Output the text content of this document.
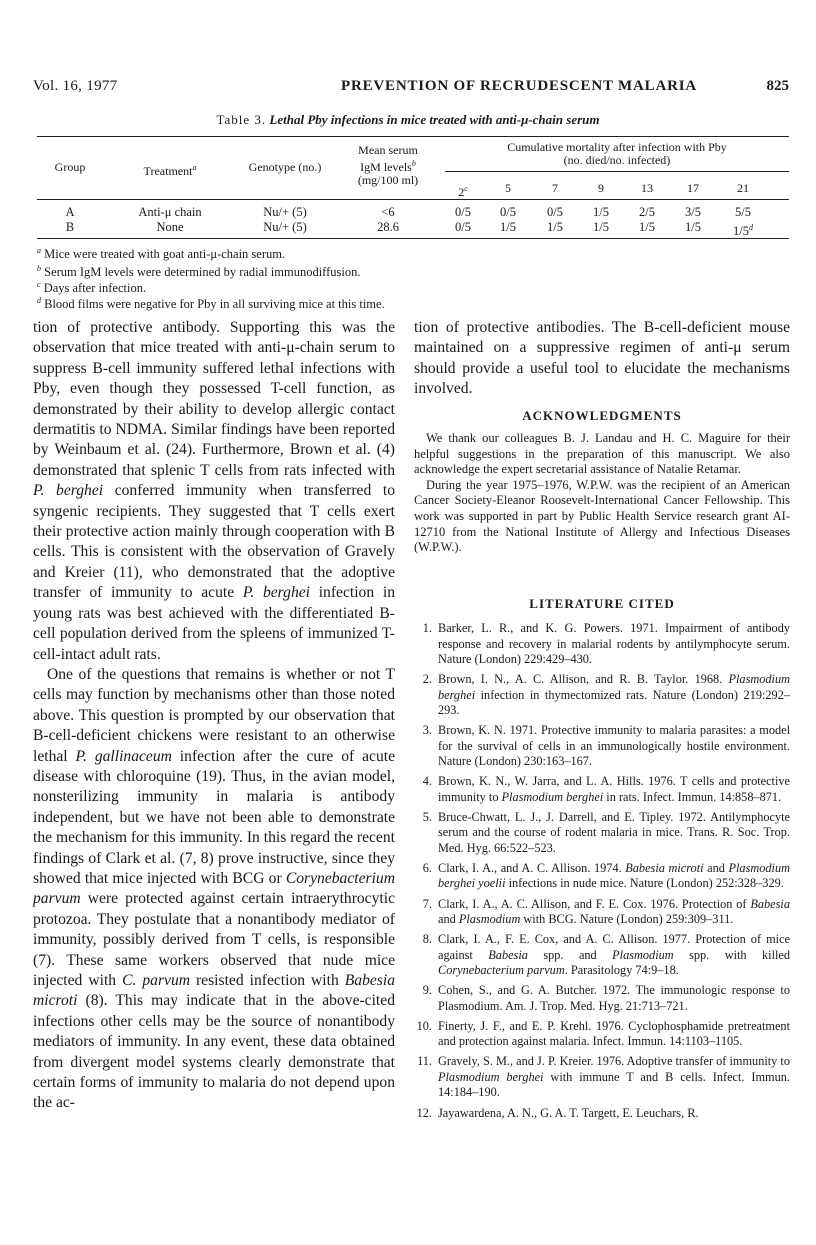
Vol. 16, 1977	PREVENTION OF RECRUDESCENT MALARIA	825
Table 3. Lethal Pby infections in mice treated with anti-μ-chain serum
Group	Treatment$^a$	Genotype (no.)
Mean serum
IgM levels$^b$
(mg/100 ml)
Cumulative mortality after infection with Pby
(no. died/no. infected)
2$^c$	5	7	9	13	17	21
A	Anti-μ chain	Nu/+ (5)	<6	0/5	0/5	0/5	1/5	2/5	3/5	5/5
B	None	Nu/+ (5)	28.6	0/5	1/5	1/5	1/5	1/5	1/5	1/5$^d$
$^a$ Mice were treated with goat anti-μ-chain serum.
$^b$ Serum IgM levels were determined by radial immunodiffusion.
$^c$ Days after infection.
$^d$ Blood films were negative for Pby in all surviving mice at this time.

tion of protective antibody. Supporting this was the observation that mice treated with anti-μ-chain serum to suppress B-cell immunity suffered lethal infections with Pby, even though they possessed T-cell function, as demonstrated by their ability to develop allergic contact dermatitis to NDMA. Similar findings have been reported by Weinbaum et al. (24). Furthermore, Brown et al. (4) demonstrated that splenic T cells from rats infected with P. berghei conferred immunity when transferred to syngenic recipients. They suggested that T cells exert their protective action mainly through cooperation with B cells. This is consistent with the observation of Gravely and Kreier (11), who demonstrated that the adoptive transfer of immunity to acute P. berghei infection in young rats was best achieved with the differentiated B-cell population derived from the spleens of immunized T-cell-intact adult rats.

One of the questions that remains is whether or not T cells may function by mechanisms other than those noted above. This question is prompted by our observation that B-cell-deficient chickens were resistant to an otherwise lethal P. gallinaceum infection after the cure of acute disease with chloroquine (19). Thus, in the avian model, nonsterilizing immunity in malaria is antibody independent, but we have not been able to demonstrate the mechanism for this immunity. In this regard the recent findings of Clark et al. (7, 8) prove instructive, since they showed that mice injected with BCG or Corynebacterium parvum were protected against certain intraerythrocytic protozoa. They postulate that a nonantibody mediator of immunity, possibly derived from T cells, is responsible (7). These same workers observed that nude mice injected with C. parvum resisted infection with Babesia microti (8). This may indicate that in the above-cited infections other cells may be the source of nonantibody mediators of immunity. In any event, these data obtained from divergent model systems clearly demonstrate that certain forms of immunity to malaria do not depend upon the ac-

tion of protective antibodies. The B-cell-deficient mouse maintained on a suppressive regimen of anti-μ serum should provide a useful tool to elucidate the mechanisms involved.

ACKNOWLEDGMENTS

We thank our colleagues B. J. Landau and H. C. Maguire for their helpful suggestions in the preparation of this manuscript. We also acknowledge the expert secretarial assistance of Natalie Retamar.

During the year 1975–1976, W.P.W. was the recipient of an American Cancer Society-Eleanor Roosevelt-International Cancer Fellowship. This work was supported in part by Public Health Service research grant AI-12710 from the National Institute of Allergy and Infectious Diseases (W.P.W.).

LITERATURE CITED
1. Barker, L. R., and K. G. Powers. 1971. Impairment of antibody response and recovery in malarial rodents by antilymphocyte serum. Nature (London) 229:429–430.
2. Brown, I. N., A. C. Allison, and R. B. Taylor. 1968. Plasmodium berghei infection in thymectomized rats. Nature (London) 219:292–293.
3. Brown, K. N. 1971. Protective immunity to malaria parasites: a model for the survival of cells in an immunologically hostile environment. Nature (London) 230:163–167.
4. Brown, K. N., W. Jarra, and L. A. Hills. 1976. T cells and protective immunity to Plasmodium berghei in rats. Infect. Immun. 14:858–871.
5. Bruce-Chwatt, L. J., J. Darrell, and E. Tipley. 1972. Antilymphocyte serum and the course of rodent malaria in mice. Trans. R. Soc. Trop. Med. Hyg. 66:522–523.
6. Clark, I. A., and A. C. Allison. 1974. Babesia microti and Plasmodium berghei yoelii infections in nude mice. Nature (London) 252:328–329.
7. Clark, I. A., A. C. Allison, and F. E. Cox. 1976. Protection of Babesia and Plasmodium with BCG. Nature (London) 259:309–311.
8. Clark, I. A., F. E. Cox, and A. C. Allison. 1977. Protection of mice against Babesia spp. and Plasmodium spp. with killed Corynebacterium parvum. Parasitology 74:9–18.
9. Cohen, S., and G. A. Butcher. 1972. The immunologic response to Plasmodium. Am. J. Trop. Med. Hyg. 21:713–721.
10. Finerty, J. F., and E. P. Krehl. 1976. Cyclophosphamide pretreatment and protection against malaria. Infect. Immun. 14:1103–1105.
11. Gravely, S. M., and J. P. Kreier. 1976. Adoptive transfer of immunity to Plasmodium berghei with immune T and B cells. Infect. Immun. 14:184–190.
12. Jayawardena, A. N., G. A. T. Targett, E. Leuchars, R.
